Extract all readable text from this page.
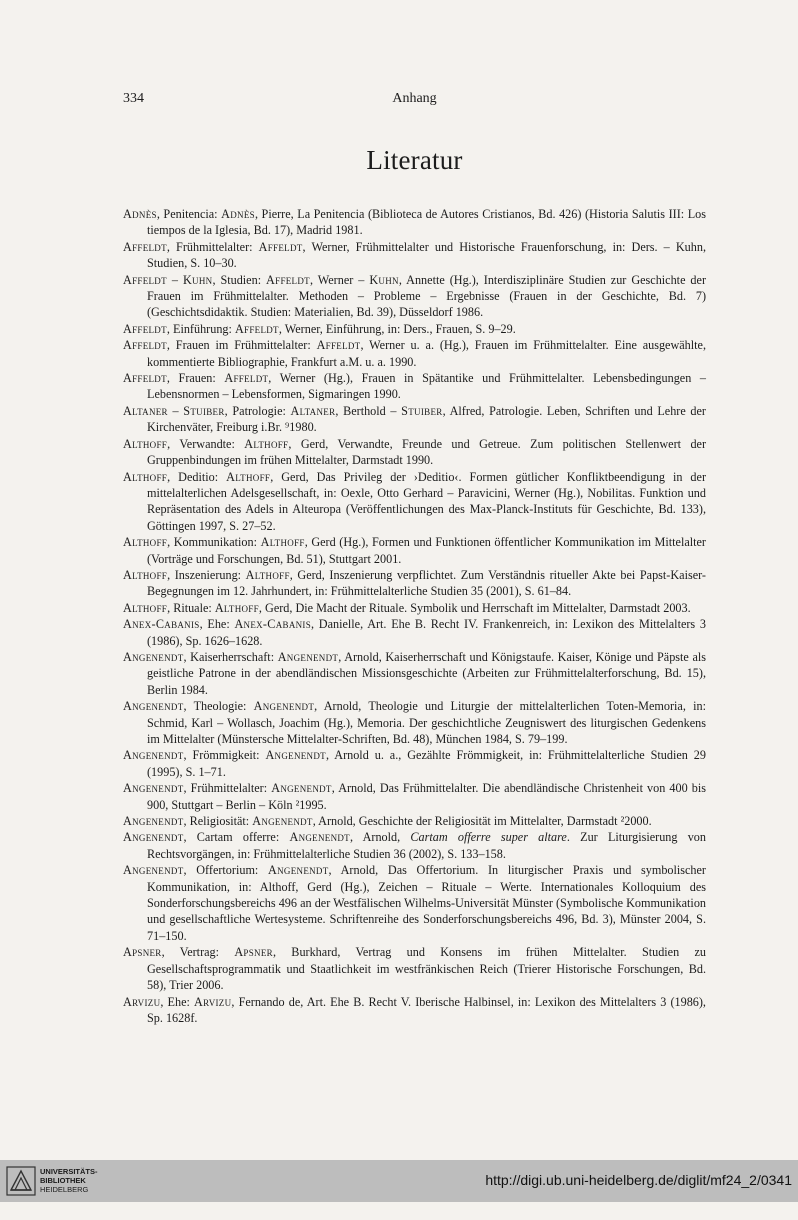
334	Anhang
Literatur

Adnès, Penitencia: Adnès, Pierre, La Penitencia (Biblioteca de Autores Cristianos, Bd. 426) (Historia Salutis III: Los tiempos de la Iglesia, Bd. 17), Madrid 1981.

Affeldt, Frühmittelalter: Affeldt, Werner, Frühmittelalter und Historische Frauenforschung, in: Ders. – Kuhn, Studien, S. 10–30.

Affeldt – Kuhn, Studien: Affeldt, Werner – Kuhn, Annette (Hg.), Interdisziplinäre Studien zur Geschichte der Frauen im Frühmittelalter. Methoden – Probleme – Ergebnisse (Frauen in der Geschichte, Bd. 7) (Geschichtsdidaktik. Studien: Materialien, Bd. 39), Düsseldorf 1986.

Affeldt, Einführung: Affeldt, Werner, Einführung, in: Ders., Frauen, S. 9–29.

Affeldt, Frauen im Frühmittelalter: Affeldt, Werner u. a. (Hg.), Frauen im Frühmittelalter. Eine ausgewählte, kommentierte Bibliographie, Frankfurt a.M. u. a. 1990.

Affeldt, Frauen: Affeldt, Werner (Hg.), Frauen in Spätantike und Frühmittelalter. Lebensbedingungen – Lebensnormen – Lebensformen, Sigmaringen 1990.

Altaner – Stuiber, Patrologie: Altaner, Berthold – Stuiber, Alfred, Patrologie. Leben, Schriften und Lehre der Kirchenväter, Freiburg i.Br. ⁹1980.

Althoff, Verwandte: Althoff, Gerd, Verwandte, Freunde und Getreue. Zum politischen Stellenwert der Gruppenbindungen im frühen Mittelalter, Darmstadt 1990.

Althoff, Deditio: Althoff, Gerd, Das Privileg der ›Deditio‹. Formen gütlicher Konfliktbeendigung in der mittelalterlichen Adelsgesellschaft, in: Oexle, Otto Gerhard – Paravicini, Werner (Hg.), Nobilitas. Funktion und Repräsentation des Adels in Alteuropa (Veröffentlichungen des Max-Planck-Instituts für Geschichte, Bd. 133), Göttingen 1997, S. 27–52.

Althoff, Kommunikation: Althoff, Gerd (Hg.), Formen und Funktionen öffentlicher Kommunikation im Mittelalter (Vorträge und Forschungen, Bd. 51), Stuttgart 2001.

Althoff, Inszenierung: Althoff, Gerd, Inszenierung verpflichtet. Zum Verständnis ritueller Akte bei Papst-Kaiser-Begegnungen im 12. Jahrhundert, in: Frühmittelalterliche Studien 35 (2001), S. 61–84.

Althoff, Rituale: Althoff, Gerd, Die Macht der Rituale. Symbolik und Herrschaft im Mittelalter, Darmstadt 2003.

Anex-Cabanis, Ehe: Anex-Cabanis, Danielle, Art. Ehe B. Recht IV. Frankenreich, in: Lexikon des Mittelalters 3 (1986), Sp. 1626–1628.

Angenendt, Kaiserherrschaft: Angenendt, Arnold, Kaiserherrschaft und Königstaufe. Kaiser, Könige und Päpste als geistliche Patrone in der abendländischen Missionsgeschichte (Arbeiten zur Frühmittelalterforschung, Bd. 15), Berlin 1984.

Angenendt, Theologie: Angenendt, Arnold, Theologie und Liturgie der mittelalterlichen Toten-Memoria, in: Schmid, Karl – Wollasch, Joachim (Hg.), Memoria. Der geschichtliche Zeugniswert des liturgischen Gedenkens im Mittelalter (Münstersche Mittelalter-Schriften, Bd. 48), München 1984, S. 79–199.

Angenendt, Frömmigkeit: Angenendt, Arnold u. a., Gezählte Frömmigkeit, in: Frühmittelalterliche Studien 29 (1995), S. 1–71.

Angenendt, Frühmittelalter: Angenendt, Arnold, Das Frühmittelalter. Die abendländische Christenheit von 400 bis 900, Stuttgart – Berlin – Köln ²1995.

Angenendt, Religiosität: Angenendt, Arnold, Geschichte der Religiosität im Mittelalter, Darmstadt ²2000.

Angenendt, Cartam offerre: Angenendt, Arnold, Cartam offerre super altare. Zur Liturgisierung von Rechtsvorgängen, in: Frühmittelalterliche Studien 36 (2002), S. 133–158.

Angenendt, Offertorium: Angenendt, Arnold, Das Offertorium. In liturgischer Praxis und symbolischer Kommunikation, in: Althoff, Gerd (Hg.), Zeichen – Rituale – Werte. Internationales Kolloquium des Sonderforschungsbereichs 496 an der Westfälischen Wilhelms-Universität Münster (Symbolische Kommunikation und gesellschaftliche Wertesysteme. Schriftenreihe des Sonderforschungsbereichs 496, Bd. 3), Münster 2004, S. 71–150.

Apsner, Vertrag: Apsner, Burkhard, Vertrag und Konsens im frühen Mittelalter. Studien zu Gesellschaftsprogrammatik und Staatlichkeit im westfränkischen Reich (Trierer Historische Forschungen, Bd. 58), Trier 2006.

Arvizu, Ehe: Arvizu, Fernando de, Art. Ehe B. Recht V. Iberische Halbinsel, in: Lexikon des Mittelalters 3 (1986), Sp. 1628f.

UNIVERSITÄTS-
BIBLIOTHEK
HEIDELBERG
http://digi.ub.uni-heidelberg.de/diglit/mf24_2/0341
